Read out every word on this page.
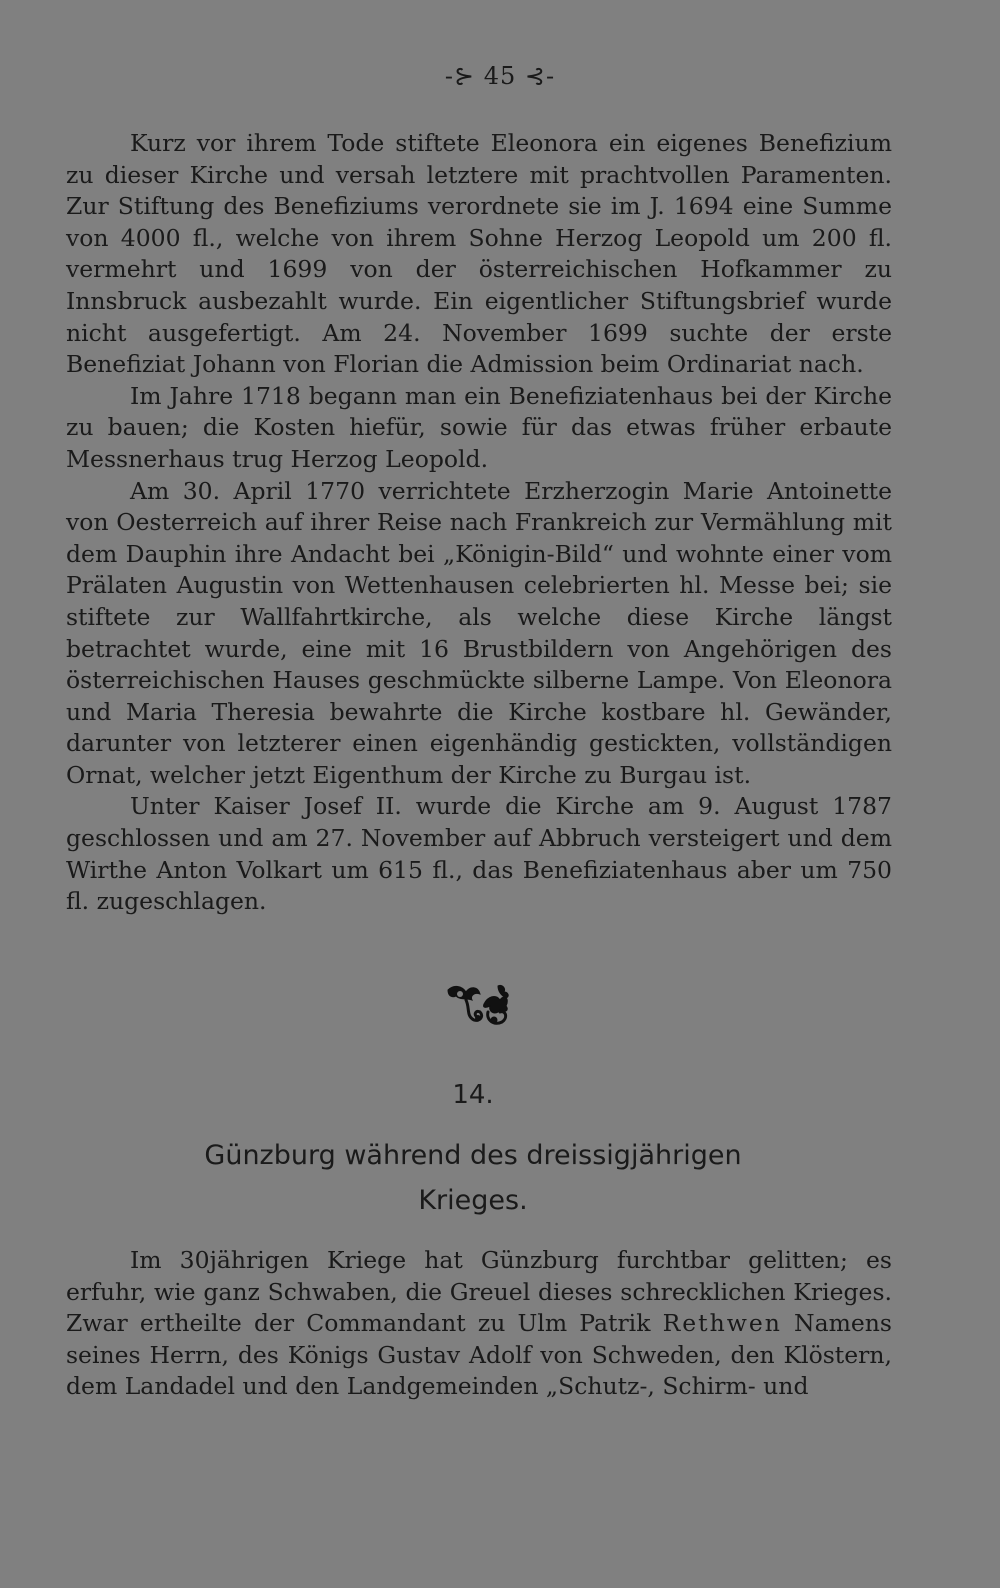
-⊱ 45 ⊰-

Kurz vor ihrem Tode stiftete Eleonora ein eigenes Benefizium zu dieser Kirche und versah letztere mit prachtvollen Paramenten. Zur Stiftung des Benefiziums verordnete sie im J. 1694 eine Summe von 4000 fl., welche von ihrem Sohne Herzog Leopold um 200 fl. vermehrt und 1699 von der österreichischen Hofkammer zu Innsbruck ausbezahlt wurde. Ein eigentlicher Stiftungsbrief wurde nicht ausgefertigt. Am 24. November 1699 suchte der erste Benefiziat Johann von Florian die Admission beim Ordinariat nach.

Im Jahre 1718 begann man ein Benefiziatenhaus bei der Kirche zu bauen; die Kosten hiefür, sowie für das etwas früher erbaute Messnerhaus trug Herzog Leopold.

Am 30. April 1770 verrichtete Erzherzogin Marie Antoinette von Oesterreich auf ihrer Reise nach Frankreich zur Vermählung mit dem Dauphin ihre Andacht bei „Königin-Bild“ und wohnte einer vom Prälaten Augustin von Wettenhausen celebrierten hl. Messe bei; sie stiftete zur Wallfahrtkirche, als welche diese Kirche längst betrachtet wurde, eine mit 16 Brustbildern von Angehörigen des österreichischen Hauses geschmückte silberne Lampe. Von Eleonora und Maria Theresia bewahrte die Kirche kostbare hl. Gewänder, darunter von letzterer einen eigenhändig gestickten, vollständigen Ornat, welcher jetzt Eigenthum der Kirche zu Burgau ist.

Unter Kaiser Josef II. wurde die Kirche am 9. August 1787 geschlossen und am 27. November auf Abbruch versteigert und dem Wirthe Anton Volkart um 615 fl., das Benefiziatenhaus aber um 750 fl. zugeschlagen.

14.
Günzburg während des dreissigjährigen
Krieges.

Im 30jährigen Kriege hat Günzburg furchtbar gelitten; es erfuhr, wie ganz Schwaben, die Greuel dieses schrecklichen Krieges. Zwar ertheilte der Commandant zu Ulm Patrik Rethwen Namens seines Herrn, des Königs Gustav Adolf von Schweden, den Klöstern, dem Landadel und den Landgemeinden „Schutz-, Schirm- und
